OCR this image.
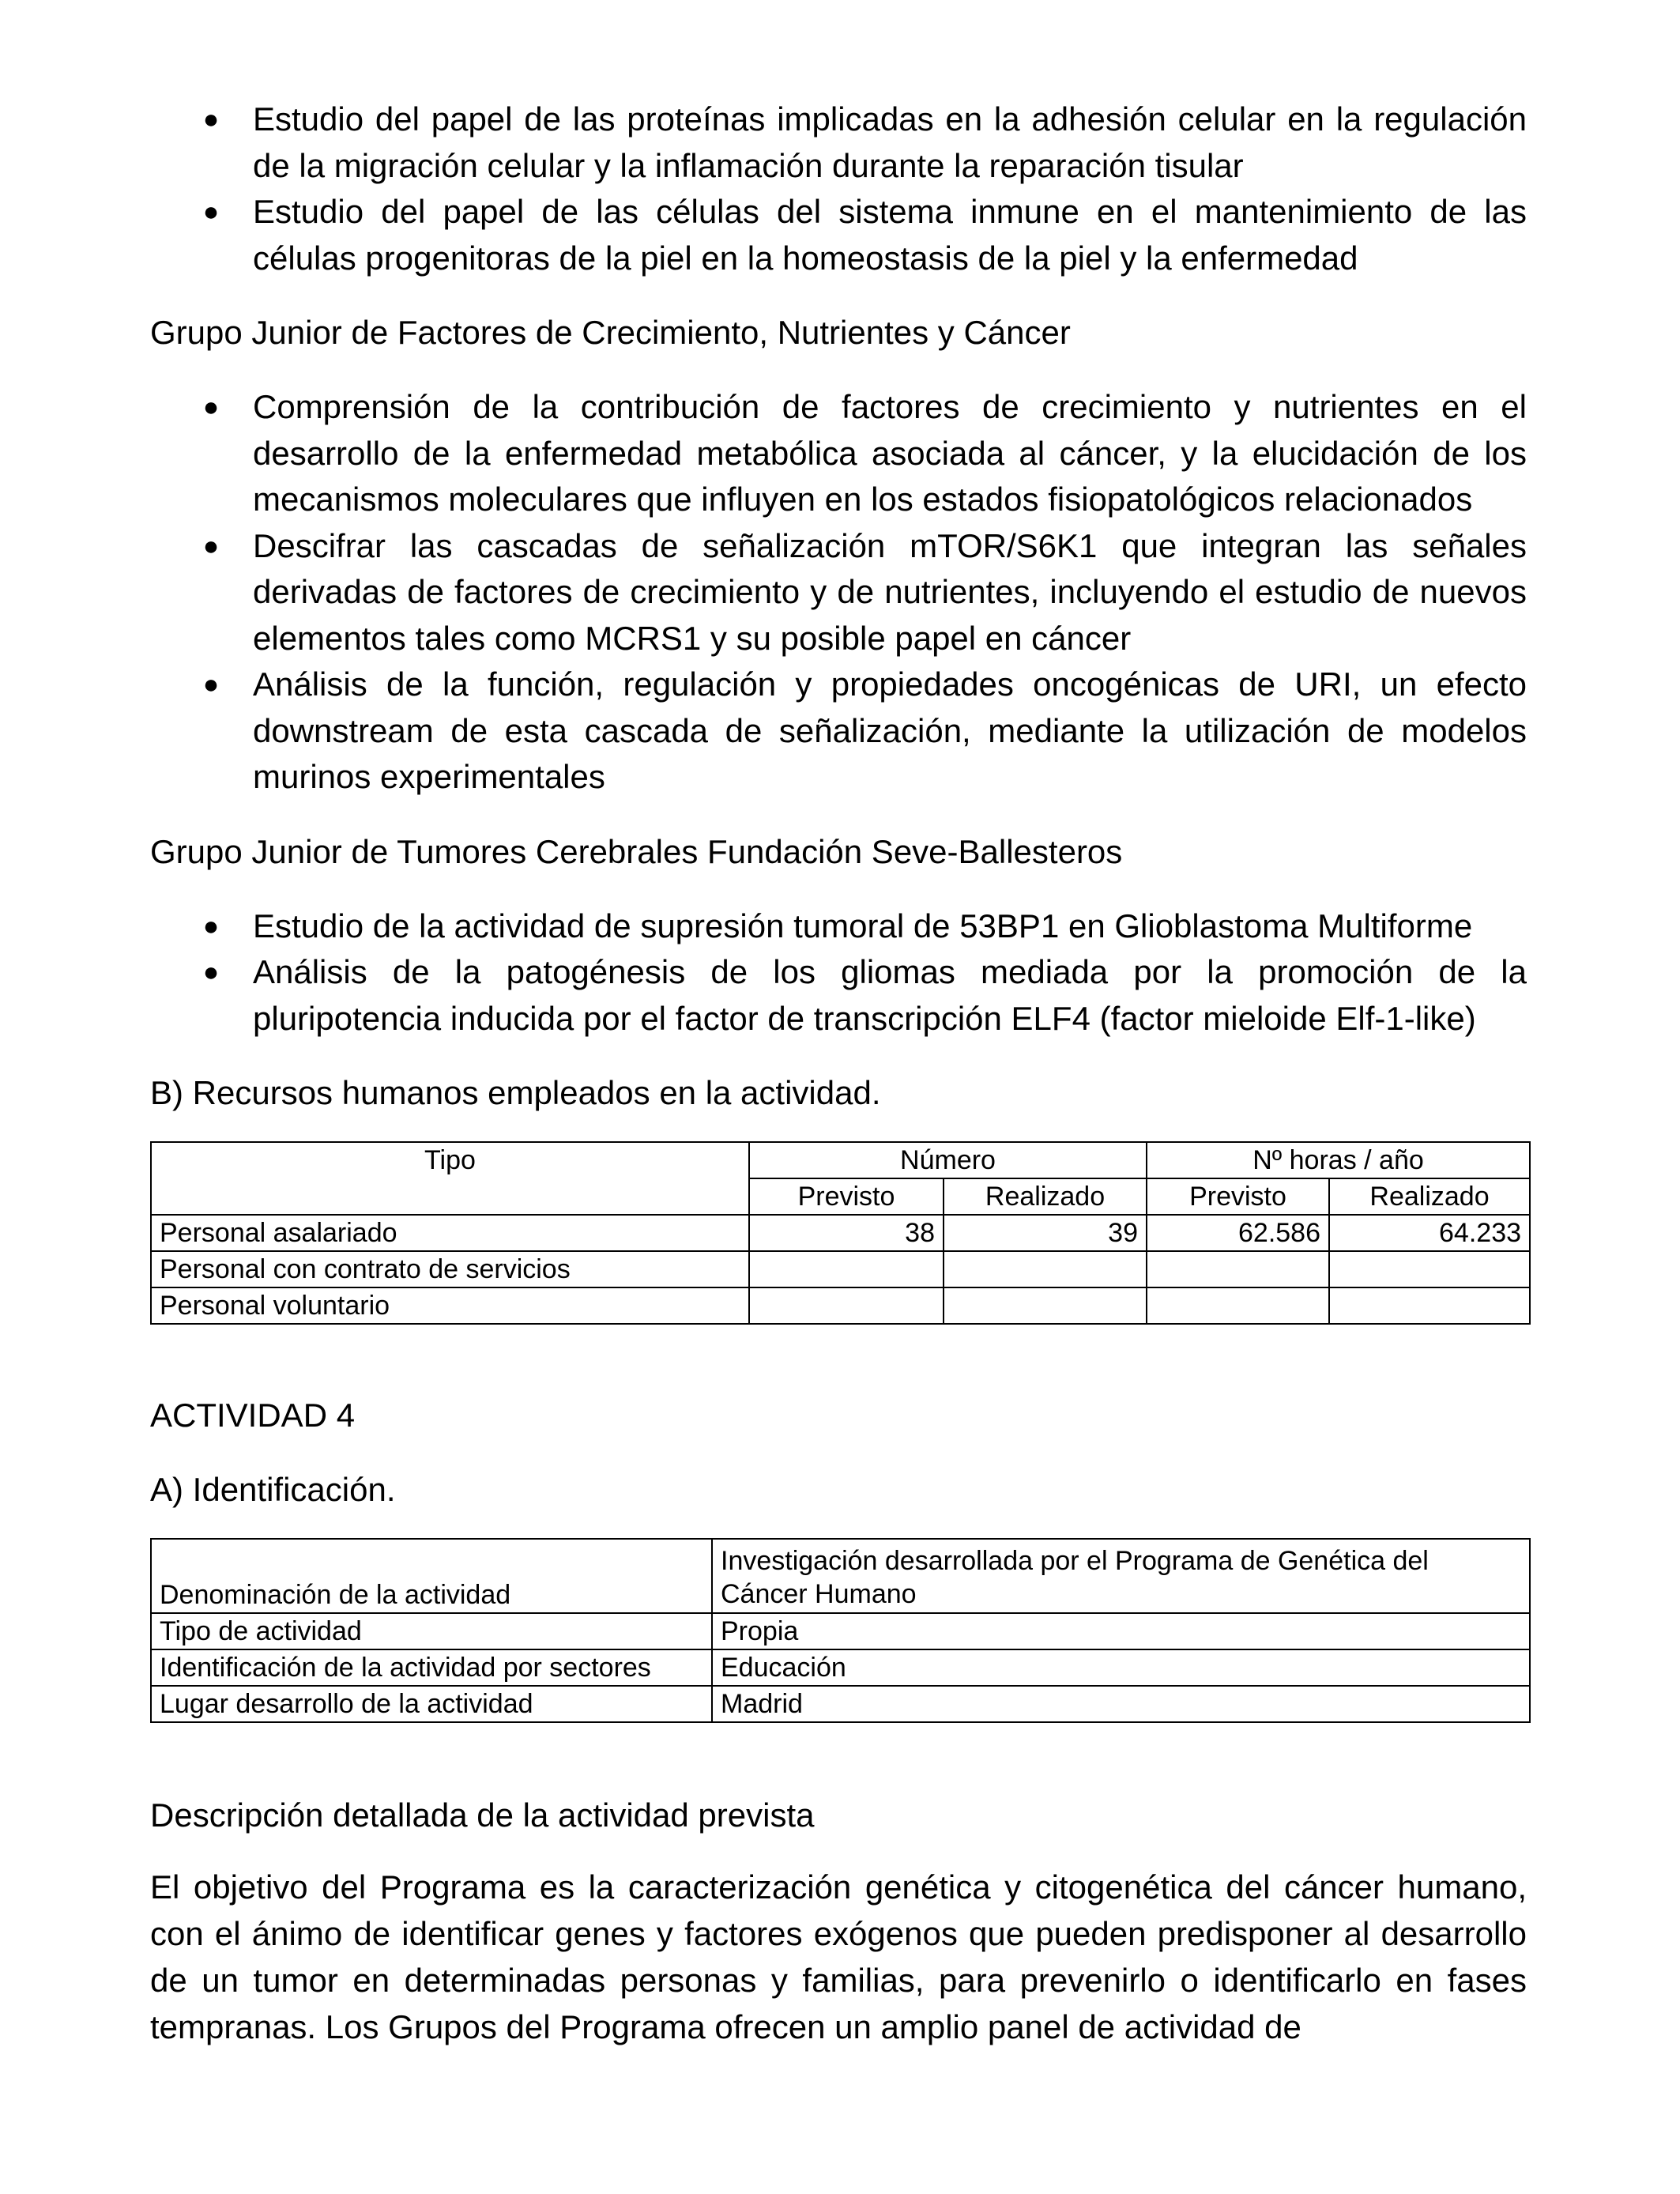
● Estudio del papel de las proteínas implicadas en la adhesión celular en la regulación de la migración celular y la inflamación durante la reparación tisular
● Estudio del papel de las células del sistema inmune en el mantenimiento de las células progenitoras de la piel en la homeostasis de la piel y la enfermedad

Grupo Junior de Factores de Crecimiento, Nutrientes y Cáncer

● Comprensión de la contribución de factores de crecimiento y nutrientes en el desarrollo de la enfermedad metabólica asociada al cáncer, y la elucidación de los mecanismos moleculares que influyen en los estados fisiopatológicos relacionados
● Descifrar las cascadas de señalización mTOR/S6K1 que integran las señales derivadas de factores de crecimiento y de nutrientes, incluyendo el estudio de nuevos elementos tales como MCRS1 y su posible papel en cáncer
● Análisis de la función, regulación y propiedades oncogénicas de URI, un efecto downstream de esta cascada de señalización, mediante la utilización de modelos murinos experimentales

Grupo Junior de Tumores Cerebrales Fundación Seve-Ballesteros

● Estudio de la actividad de supresión tumoral de 53BP1 en Glioblastoma Multiforme
● Análisis de la patogénesis de los gliomas mediada por la promoción de la pluripotencia inducida por el factor de transcripción ELF4 (factor mieloide Elf-1-like)

B) Recursos humanos empleados en la actividad.

Tipo	Número		Nº horas / año	
	Previsto	Realizado	Previsto	Realizado
Personal asalariado	38	39	62.586	64.233
Personal con contrato de servicios				
Personal voluntario				

ACTIVIDAD 4

A) Identificación.

Denominación de la actividad	Investigación desarrollada por el Programa de Genética del Cáncer Humano
Tipo de actividad	Propia
Identificación de la actividad por sectores	Educación
Lugar desarrollo de la actividad	Madrid

Descripción detallada de la actividad prevista

El objetivo del Programa es la caracterización genética y citogenética del cáncer humano, con el ánimo de identificar genes y factores exógenos que pueden predisponer al desarrollo de un tumor en determinadas personas y familias, para prevenirlo o identificarlo en fases tempranas. Los Grupos del Programa ofrecen un amplio panel de actividad de
